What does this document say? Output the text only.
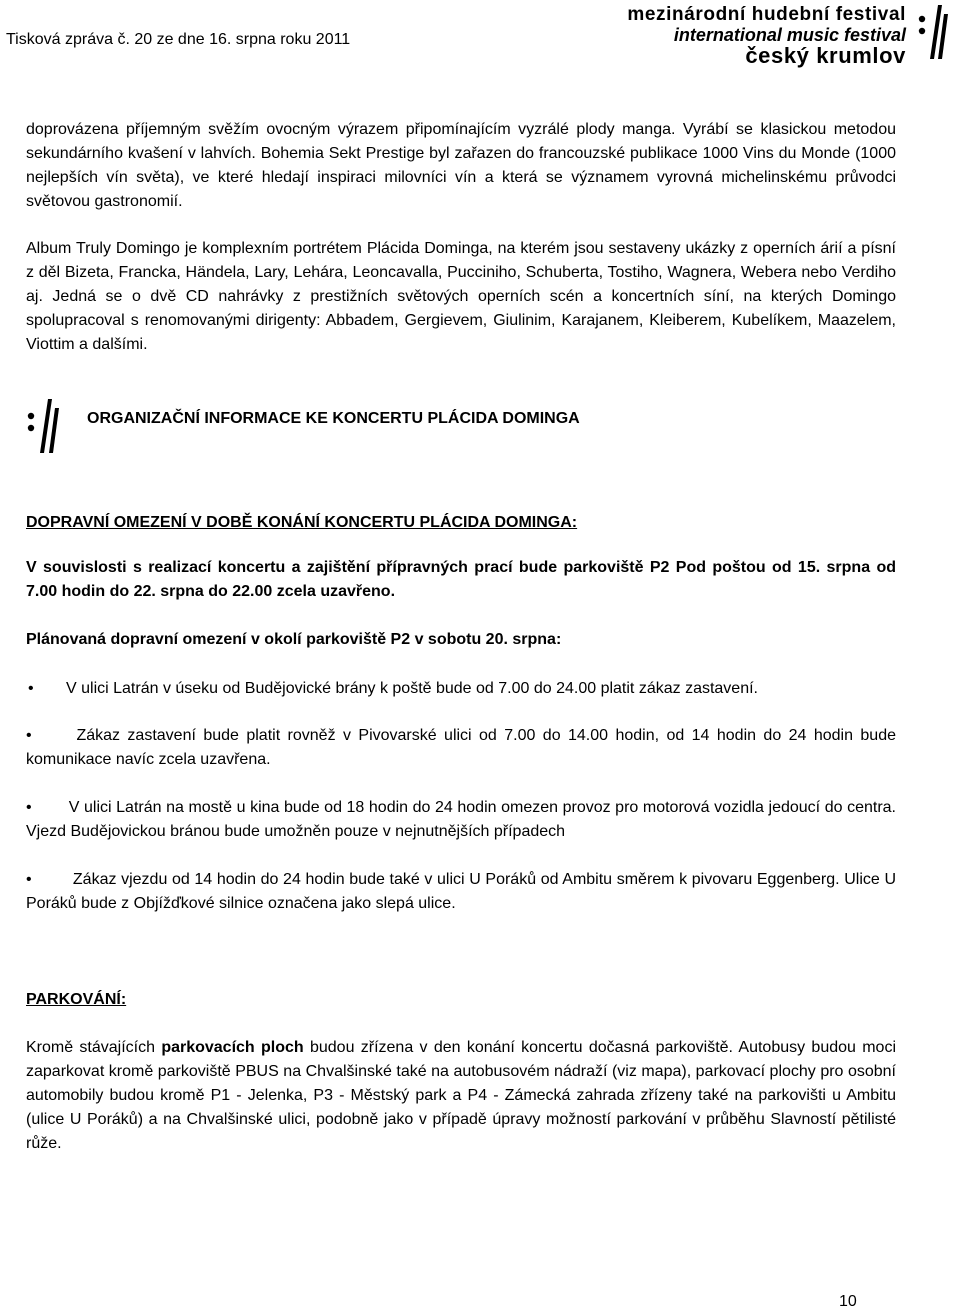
Tisková zpráva č. 20 ze dne 16. srpna roku 2011
mezinárodní hudební festival
international music festival
český krumlov

doprovázena příjemným svěžím ovocným výrazem připomínajícím vyzrálé plody manga. Vyrábí se klasickou metodou sekundárního kvašení v lahvích. Bohemia Sekt Prestige byl zařazen do francouzské publikace 1000 Vins du Monde (1000 nejlepších vín světa), ve které hledají inspiraci milovníci vín a která se významem vyrovná michelinskému průvodci světovou gastronomií.

Album Truly Domingo je komplexním portrétem Plácida Dominga, na kterém jsou sestaveny ukázky z operních árií a písní z děl Bizeta, Francka, Händela, Lary, Lehára, Leoncavalla, Pucciniho, Schuberta, Tostiho, Wagnera, Webera nebo Verdiho aj. Jedná se o dvě CD nahrávky z prestižních světových operních scén a koncertních síní, na kterých Domingo spolupracoval s renomovanými dirigenty: Abbadem, Gergievem, Giulinim, Karajanem, Kleiberem, Kubelíkem, Maazelem, Viottim a dalšími.

ORGANIZAČNÍ INFORMACE KE KONCERTU PLÁCIDA DOMINGA

DOPRAVNÍ OMEZENÍ V DOBĚ KONÁNÍ KONCERTU PLÁCIDA DOMINGA:

V souvislosti s realizací koncertu a zajištění přípravných prací bude parkoviště P2 Pod poštou od 15. srpna od 7.00 hodin do 22. srpna do 22.00 zcela uzavřeno.

Plánovaná dopravní omezení v okolí parkoviště P2 v sobotu 20. srpna:

• V ulici Latrán v úseku od Budějovické brány k poště bude od 7.00 do 24.00 platit zákaz zastavení.

•	Zákaz zastavení bude platit rovněž v Pivovarské ulici od 7.00 do 14.00 hodin, od 14 hodin do 24 hodin bude komunikace navíc zcela uzavřena.

• V ulici Latrán na mostě u kina bude od 18 hodin do 24 hodin omezen provoz pro motorová vozidla jedoucí do centra. Vjezd Budějovickou bránou bude umožněn pouze v nejnutnějších případech

•	Zákaz vjezdu od 14 hodin do 24 hodin bude také v ulici U Poráků od Ambitu směrem k pivovaru Eggenberg. Ulice U Poráků bude z Objížďkové silnice označena jako slepá ulice.

PARKOVÁNÍ:

Kromě stávajících parkovacích ploch budou zřízena v den konání koncertu dočasná parkoviště. Autobusy budou moci zaparkovat kromě parkoviště PBUS na Chvalšinské také na autobusovém nádraží (viz mapa), parkovací plochy pro osobní automobily budou kromě P1 - Jelenka, P3 - Městský park a P4 - Zámecká zahrada zřízeny také na parkovišti u Ambitu (ulice U Poráků) a na Chvalšinské ulici, podobně jako v případě úpravy možností parkování v průběhu Slavností pětilisté růže.

10
